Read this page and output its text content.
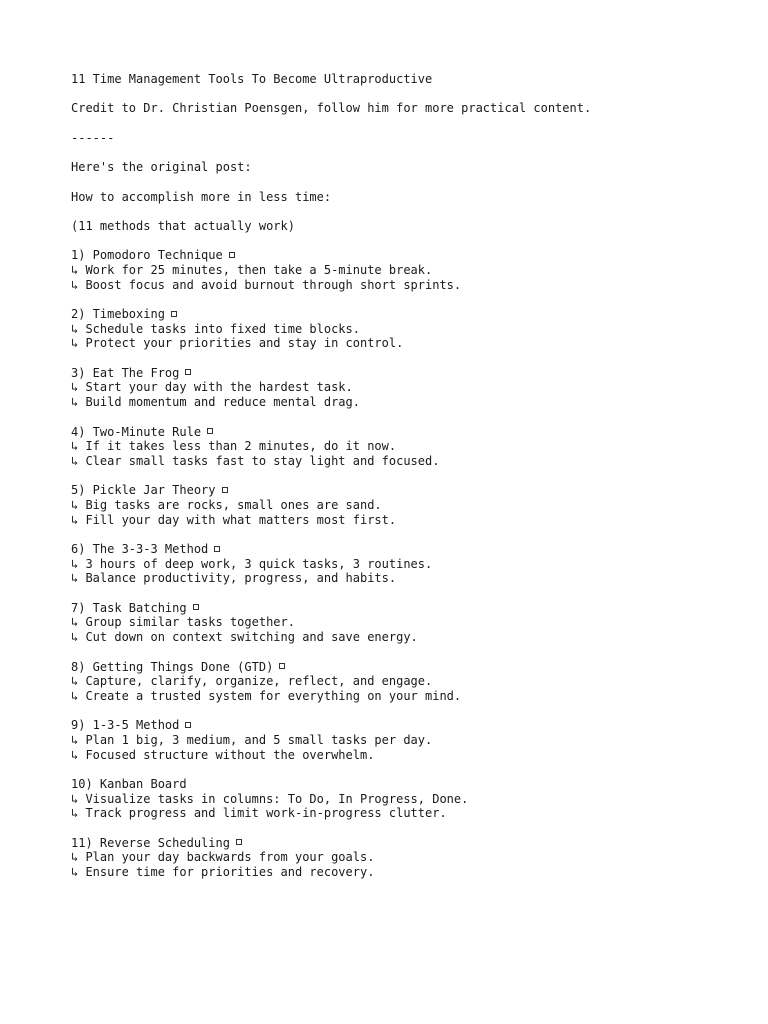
11 Time Management Tools To Become Ultraproductive
Credit to Dr. Christian Poensgen, follow him for more practical content.
------
Here's the original post:
How to accomplish more in less time:
(11 methods that actually work)
1) Pomodoro Technique
↳ Work for 25 minutes, then take a 5-minute break.
↳ Boost focus and avoid burnout through short sprints.
2) Timeboxing
↳ Schedule tasks into fixed time blocks.
↳ Protect your priorities and stay in control.
3) Eat The Frog
↳ Start your day with the hardest task.
↳ Build momentum and reduce mental drag.
4) Two-Minute Rule
↳ If it takes less than 2 minutes, do it now.
↳ Clear small tasks fast to stay light and focused.
5) Pickle Jar Theory
↳ Big tasks are rocks, small ones are sand.
↳ Fill your day with what matters most first.
6) The 3-3-3 Method
↳ 3 hours of deep work, 3 quick tasks, 3 routines.
↳ Balance productivity, progress, and habits.
7) Task Batching
↳ Group similar tasks together.
↳ Cut down on context switching and save energy.
8) Getting Things Done (GTD)
↳ Capture, clarify, organize, reflect, and engage.
↳ Create a trusted system for everything on your mind.
9) 1-3-5 Method
↳ Plan 1 big, 3 medium, and 5 small tasks per day.
↳ Focused structure without the overwhelm.
10) Kanban Board
↳ Visualize tasks in columns: To Do, In Progress, Done.
↳ Track progress and limit work-in-progress clutter.
11) Reverse Scheduling
↳ Plan your day backwards from your goals.
↳ Ensure time for priorities and recovery.
